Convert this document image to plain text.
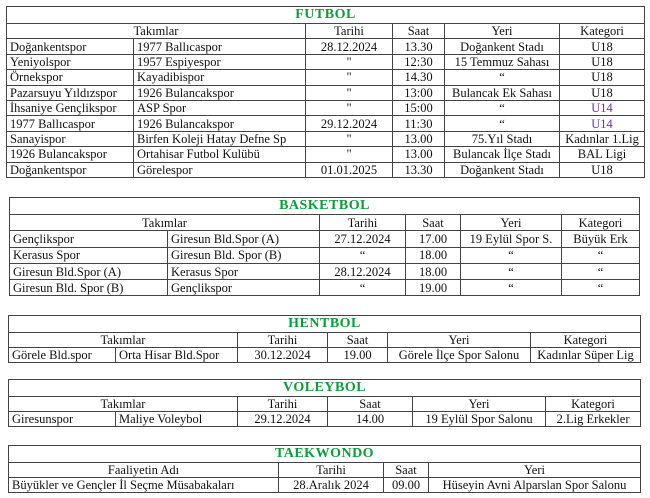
FUTBOL					
Takımlar		Tarihi	Saat	Yeri	Kategori
Doğankentspor	1977 Ballıcaspor	28.12.2024	13.30	Doğankent Stadı	U18
Yeniyolspor	1957 Espiyespor	"	12:30	15 Temmuz Sahası	U18
Örnekspor	Kayadibispor	"	14.30	“	U18
Pazarsuyu Yıldızspor	1926 Bulancakspor	"	13:00	Bulancak Ek Sahası	U18
İhsaniye Gençlikspor	ASP Spor	"	15:00	“	U14
1977 Ballıcaspor	1926 Bulancakspor	29.12.2024	11:30	“	U14
Sanayispor	Birfen Koleji Hatay Defne Sp	"	13.00	75.Yıl Stadı	Kadınlar 1.Lig
1926 Bulancakspor	Ortahisar Futbol Kulübü	"	13.00	Bulancak İlçe Stadı	BAL Ligi
Doğankentspor	Görelespor	01.01.2025	13.30	Doğankent Stadı	U18
BASKETBOL					
Takımlar		Tarihi	Saat	Yeri	Kategori
Gençlikspor	Giresun Bld.Spor (A)	27.12.2024	17.00	19 Eylül Spor S.	Büyük Erk
Kerasus Spor	Giresun Bld. Spor (B)	“	18.00	“	“
Giresun Bld.Spor (A)	Kerasus Spor	28.12.2024	18.00	“	“
Giresun Bld. Spor (B)	Gençlikspor	“	19.00	“	“
HENTBOL					
Takımlar		Tarihi	Saat	Yeri	Kategori
Görele Bld.spor	Orta Hisar Bld.Spor	30.12.2024	19.00	Görele İlçe Spor Salonu	Kadınlar Süper Lig
VOLEYBOL					
Takımlar		Tarihi	Saat	Yeri	Kategori
Giresunspor	Maliye Voleybol	29.12.2024	14.00	19 Eylül Spor Salonu	2.Lig Erkekler
TAEKWONDO			
Faaliyetin Adı	Tarihi	Saat	Yeri
Büyükler ve Gençler İl Seçme Müsabakaları	28.Aralık 2024	09.00	Hüseyin Avni Alparslan Spor Salonu
